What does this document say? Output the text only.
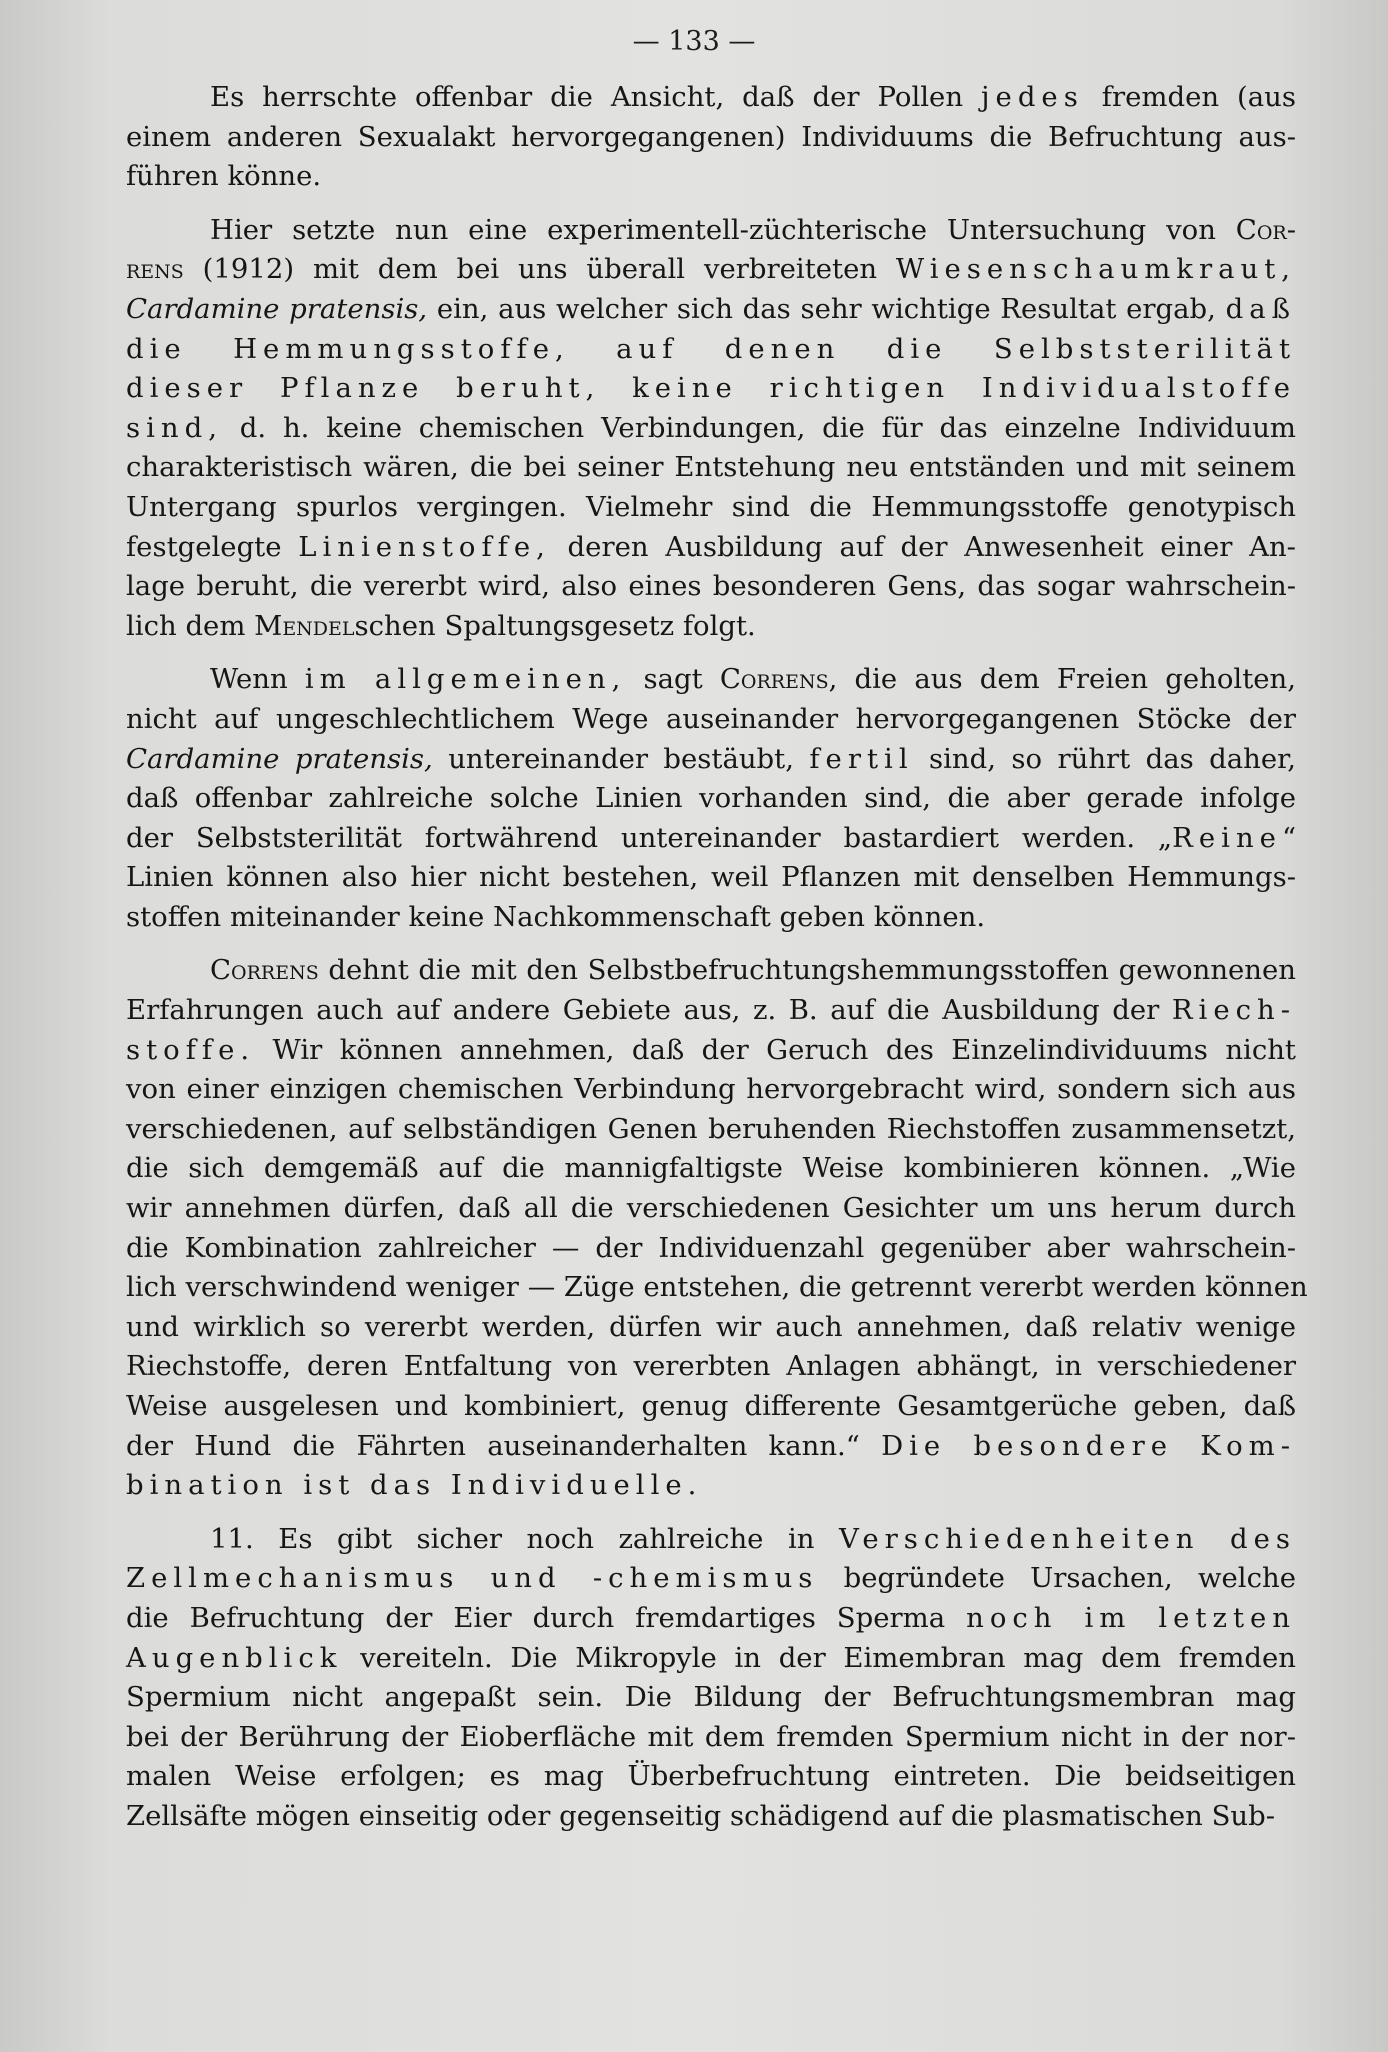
— 133 —
Es herrschte offenbar die Ansicht, daß der Pollen jedes fremden (aus
einem anderen Sexualakt hervorgegangenen) Individuums die Befruchtung aus-
führen könne.
Hier setzte nun eine experimentell-züchterische Untersuchung von Cor-
rens (1912) mit dem bei uns überall verbreiteten Wiesenschaumkraut,
Cardamine pratensis, ein, aus welcher sich das sehr wichtige Resultat ergab, daß
die Hemmungsstoffe, auf denen die Selbststerilität
dieser Pflanze beruht, keine richtigen Individualstoffe
sind, d. h. keine chemischen Verbindungen, die für das einzelne Individuum
charakteristisch wären, die bei seiner Entstehung neu entständen und mit seinem
Untergang spurlos vergingen. Vielmehr sind die Hemmungsstoffe genotypisch
festgelegte Linienstoffe, deren Ausbildung auf der Anwesenheit einer An-
lage beruht, die vererbt wird, also eines besonderen Gens, das sogar wahrschein-
lich dem Mendelschen Spaltungsgesetz folgt.
Wenn im allgemeinen, sagt Correns, die aus dem Freien geholten,
nicht auf ungeschlechtlichem Wege auseinander hervorgegangenen Stöcke der
Cardamine pratensis, untereinander bestäubt, fertil sind, so rührt das daher,
daß offenbar zahlreiche solche Linien vorhanden sind, die aber gerade infolge
der Selbststerilität fortwährend untereinander bastardiert werden. „Reine“
Linien können also hier nicht bestehen, weil Pflanzen mit denselben Hemmungs-
stoffen miteinander keine Nachkommenschaft geben können.
Correns dehnt die mit den Selbstbefruchtungshemmungsstoffen gewonnenen
Erfahrungen auch auf andere Gebiete aus, z. B. auf die Ausbildung der Riech-
stoffe. Wir können annehmen, daß der Geruch des Einzelindividuums nicht
von einer einzigen chemischen Verbindung hervorgebracht wird, sondern sich aus
verschiedenen, auf selbständigen Genen beruhenden Riechstoffen zusammensetzt,
die sich demgemäß auf die mannigfaltigste Weise kombinieren können. „Wie
wir annehmen dürfen, daß all die verschiedenen Gesichter um uns herum durch
die Kombination zahlreicher — der Individuenzahl gegenüber aber wahrschein-
lich verschwindend weniger — Züge entstehen, die getrennt vererbt werden können
und wirklich so vererbt werden, dürfen wir auch annehmen, daß relativ wenige
Riechstoffe, deren Entfaltung von vererbten Anlagen abhängt, in verschiedener
Weise ausgelesen und kombiniert, genug differente Gesamtgerüche geben, daß
der Hund die Fährten auseinanderhalten kann.“ Die besondere Kom-
bination ist das Individuelle.
11. Es gibt sicher noch zahlreiche in Verschiedenheiten des
Zellmechanismus und -chemismus begründete Ursachen, welche
die Befruchtung der Eier durch fremdartiges Sperma noch im letzten
Augenblick vereiteln. Die Mikropyle in der Eimembran mag dem fremden
Spermium nicht angepaßt sein. Die Bildung der Befruchtungsmembran mag
bei der Berührung der Eioberfläche mit dem fremden Spermium nicht in der nor-
malen Weise erfolgen; es mag Überbefruchtung eintreten. Die beidseitigen
Zellsäfte mögen einseitig oder gegenseitig schädigend auf die plasmatischen Sub-
